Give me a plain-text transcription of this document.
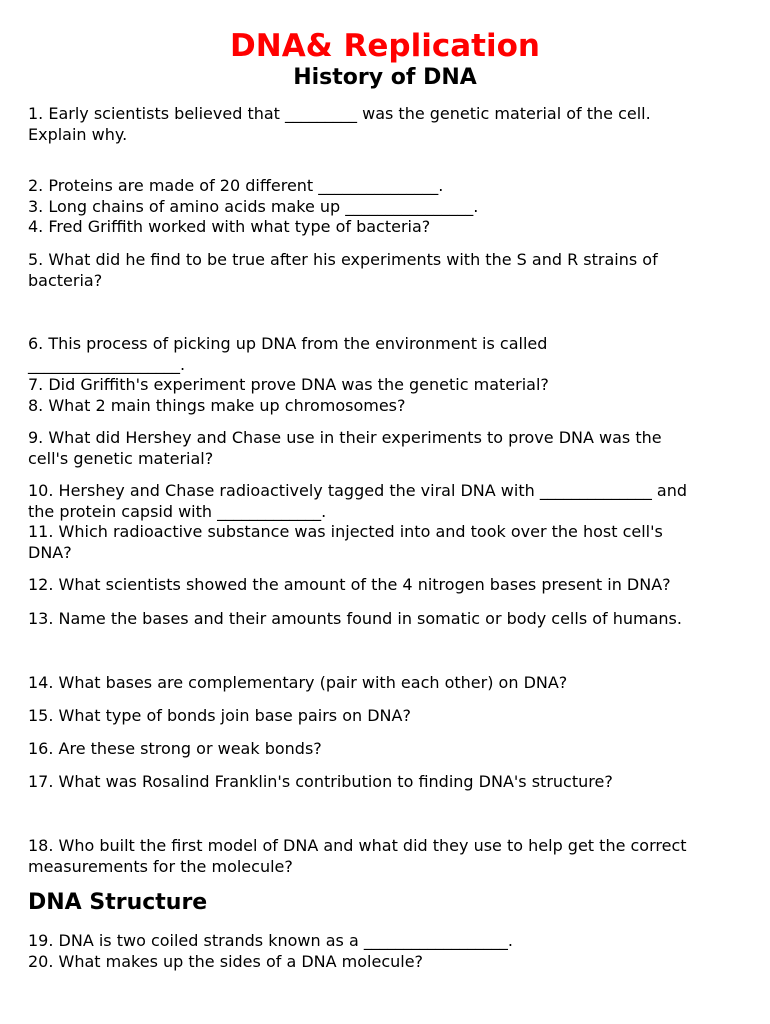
DNA& Replication
History of DNA
1. Early scientists believed that _________ was the genetic material of the cell.
Explain why.
2. Proteins are made of 20 different _______________.
3. Long chains of amino acids make up ________________.
4. Fred Griffith worked with what type of bacteria?
5. What did he find to be true after his experiments with the S and R strains of
bacteria?
6. This process of picking up DNA from the environment is called
___________________.
7. Did Griffith's experiment prove DNA was the genetic material?
8. What 2 main things make up chromosomes?
9. What did Hershey and Chase use in their experiments to prove DNA was the
cell's genetic material?
10. Hershey and Chase radioactively tagged the viral DNA with ______________ and
the protein capsid with _____________.
11. Which radioactive substance was injected into and took over the host cell's
DNA?
12. What scientists showed the amount of the 4 nitrogen bases present in DNA?
13. Name the bases and their amounts found in somatic or body cells of humans.
14. What bases are complementary (pair with each other) on DNA?
15. What type of bonds join base pairs on DNA?
16. Are these strong or weak bonds?
17. What was Rosalind Franklin's contribution to finding DNA's structure?
18. Who built the first model of DNA and what did they use to help get the correct
measurements for the molecule?
DNA Structure
19. DNA is two coiled strands known as a __________________.
20. What makes up the sides of a DNA molecule?
